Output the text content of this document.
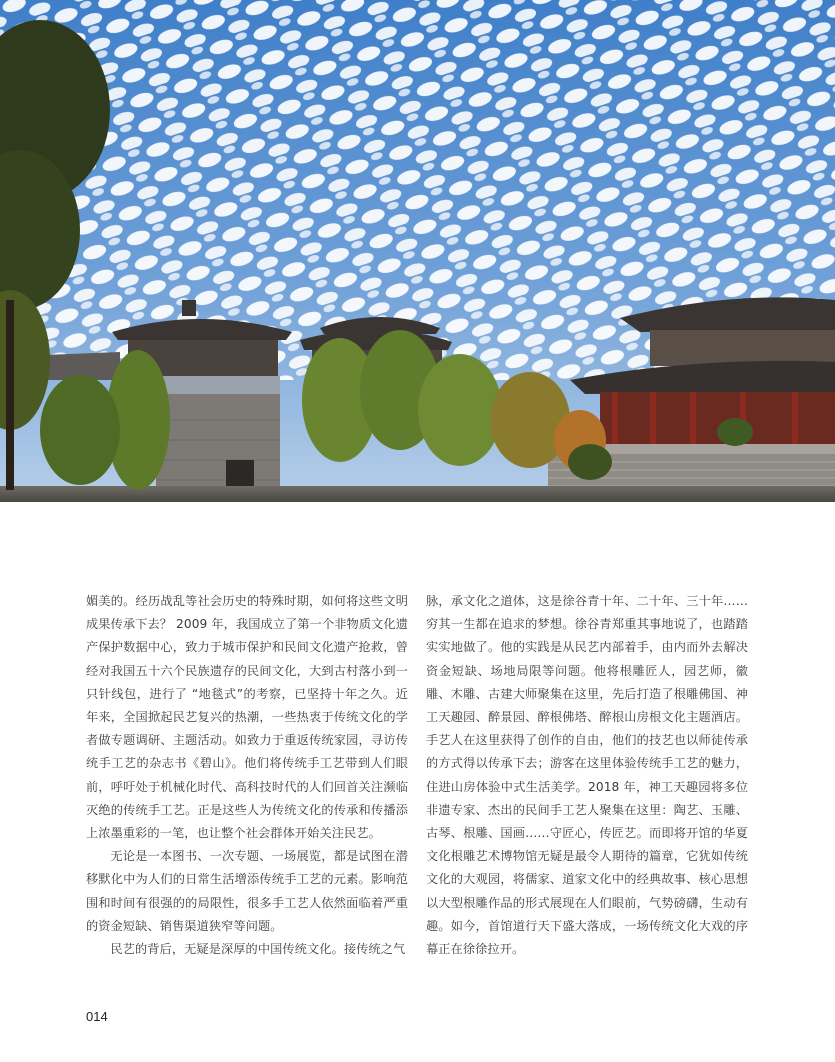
媚美的。经历战乱等社会历史的特殊时期，如何将这些文明成果传承下去？ 2009 年，我国成立了第一个非物质文化遗产保护数据中心，致力于城市保护和民间文化遗产抢救，曾经对我国五十六个民族遗存的民间文化，大到古村落小到一只针线包，进行了 “地毯式”的考察，已坚持十年之久。近年来，全国掀起民艺复兴的热潮，一些热衷于传统文化的学者做专题调研、主题活动。如致力于重返传统家园，寻访传统手工艺的杂志书《碧山》。他们将传统手工艺带到人们眼前，呼吁处于机械化时代、高科技时代的人们回首关注濒临灭绝的传统手工艺。正是这些人为传统文化的传承和传播添上浓墨重彩的一笔，也让整个社会群体开始关注民艺。

无论是一本图书、一次专题、一场展览，都是试图在潜移默化中为人们的日常生活增添传统手工艺的元素。影响范围和时间有很强的的局限性，很多手工艺人依然面临着严重的资金短缺、销售渠道狭窄等问题。

民艺的背后，无疑是深厚的中国传统文化。接传统之气

脉，承文化之道体，这是徐谷青十年、二十年、三十年……穷其一生都在追求的梦想。徐谷青郑重其事地说了，也踏踏实实地做了。他的实践是从民艺内部着手，由内而外去解决资金短缺、场地局限等问题。他将根雕匠人，园艺师，徽雕、木雕、古建大师聚集在这里，先后打造了根雕佛国、神工天趣园、醉景园、醉根佛塔、醉根山房根文化主题酒店。手艺人在这里获得了创作的自由，他们的技艺也以师徒传承的方式得以传承下去；游客在这里体验传统手工艺的魅力，住进山房体验中式生活美学。2018 年，神工天趣园将多位非遗专家、杰出的民间手工艺人聚集在这里：陶艺、玉雕、古琴、根雕、国画……守匠心，传匠艺。而即将开馆的华夏文化根雕艺术博物馆无疑是最令人期待的篇章，它犹如传统文化的大观园，将儒家、道家文化中的经典故事、核心思想以大型根雕作品的形式展现在人们眼前，气势磅礴，生动有趣。如今，首馆道行天下盛大落成，一场传统文化大戏的序幕正在徐徐拉开。

014
